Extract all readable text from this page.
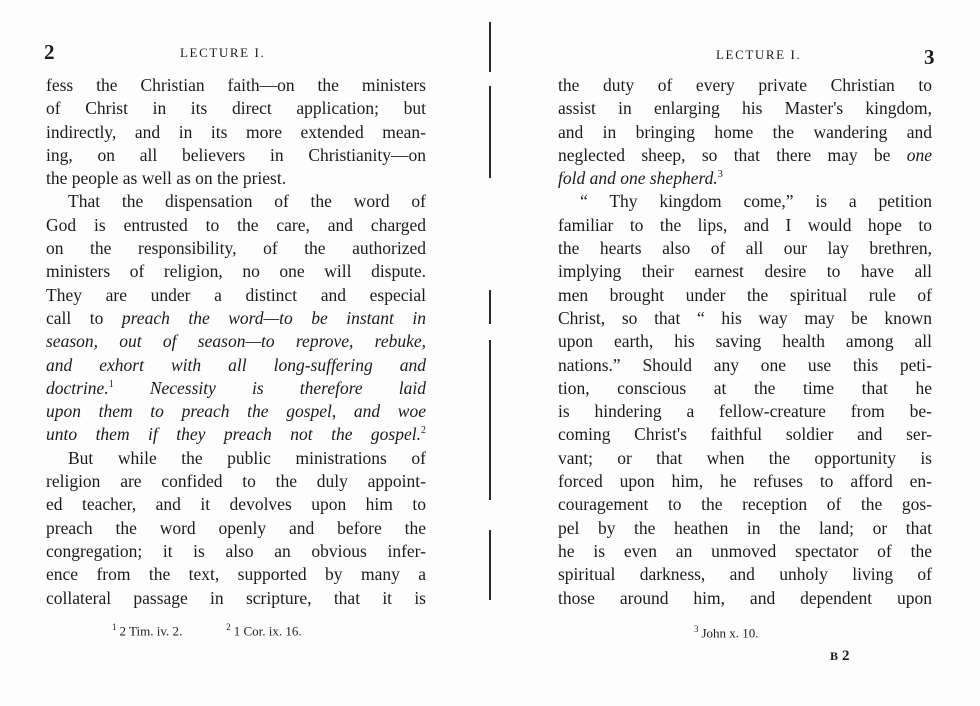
2	LECTURE I.
fess the Christian faith—on the ministers
of Christ in its direct application; but
indirectly, and in its more extended mean-
ing, on all believers in Christianity—on
the people as well as on the priest.
That the dispensation of the word of
God is entrusted to the care, and charged
on the responsibility, of the authorized
ministers of religion, no one will dispute.
They are under a distinct and especial
call to preach the word—to be instant in
season, out of season—to reprove, rebuke,
and exhort with all long-suffering and
doctrine.$^1$ Necessity is therefore laid
upon them to preach the gospel, and woe
unto them if they preach not the gospel.$^2$
But while the public ministrations of
religion are confided to the duly appoint-
ed teacher, and it devolves upon him to
preach the word openly and before the
congregation; it is also an obvious infer-
ence from the text, supported by many a
collateral passage in scripture, that it is
$^1$ 2 Tim. iv. 2.	$^2$ 1 Cor. ix. 16.
LECTURE I.	3
the duty of every private Christian to
assist in enlarging his Master's kingdom,
and in bringing home the wandering and
neglected sheep, so that there may be one
fold and one shepherd.$^3$
“ Thy kingdom come,” is a petition
familiar to the lips, and I would hope to
the hearts also of all our lay brethren,
implying their earnest desire to have all
men brought under the spiritual rule of
Christ, so that “ his way may be known
upon earth, his saving health among all
nations.” Should any one use this peti-
tion, conscious at the time that he
is hindering a fellow-creature from be-
coming Christ's faithful soldier and ser-
vant; or that when the opportunity is
forced upon him, he refuses to afford en-
couragement to the reception of the gos-
pel by the heathen in the land; or that
he is even an unmoved spectator of the
spiritual darkness, and unholy living of
those around him, and dependent upon
$^3$ John x. 10.
B 2
